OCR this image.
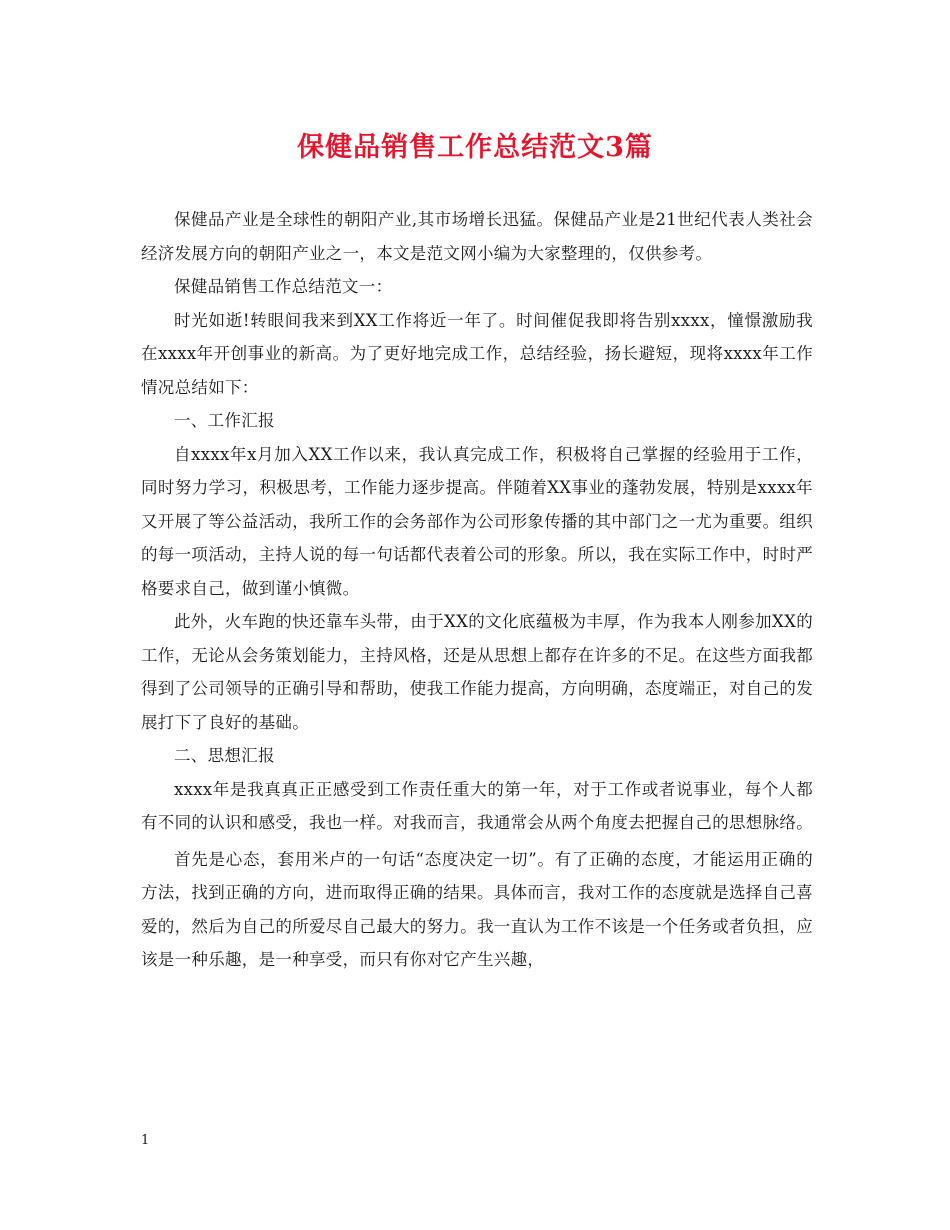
保健品销售工作总结范文3篇

保健品产业是全球性的朝阳产业,其市场增长迅猛。保健品产业是21世纪代表人类社会经济发展方向的朝阳产业之一，本文是范文网小编为大家整理的，仅供参考。

保健品销售工作总结范文一：

时光如逝!转眼间我来到XX工作将近一年了。时间催促我即将告别xxxx，憧憬激励我在xxxx年开创事业的新高。为了更好地完成工作，总结经验，扬长避短，现将xxxx年工作情况总结如下：

一、工作汇报

自xxxx年x月加入XX工作以来，我认真完成工作，积极将自己掌握的经验用于工作，同时努力学习，积极思考，工作能力逐步提高。伴随着XX事业的蓬勃发展，特别是xxxx年又开展了等公益活动，我所工作的会务部作为公司形象传播的其中部门之一尤为重要。组织的每一项活动，主持人说的每一句话都代表着公司的形象。所以，我在实际工作中，时时严格要求自己，做到谨小慎微。

此外，火车跑的快还靠车头带，由于XX的文化底蕴极为丰厚，作为我本人刚参加XX的工作，无论从会务策划能力，主持风格，还是从思想上都存在许多的不足。在这些方面我都得到了公司领导的正确引导和帮助，使我工作能力提高，方向明确，态度端正，对自己的发展打下了良好的基础。

二、思想汇报

xxxx年是我真真正正感受到工作责任重大的第一年，对于工作或者说事业，每个人都有不同的认识和感受，我也一样。对我而言，我通常会从两个角度去把握自己的思想脉络。

首先是心态，套用米卢的一句话“态度决定一切”。有了正确的态度，才能运用正确的方法，找到正确的方向，进而取得正确的结果。具体而言，我对工作的态度就是选择自己喜爱的，然后为自己的所爱尽自己最大的努力。我一直认为工作不该是一个任务或者负担，应该是一种乐趣，是一种享受，而只有你对它产生兴趣，

1
